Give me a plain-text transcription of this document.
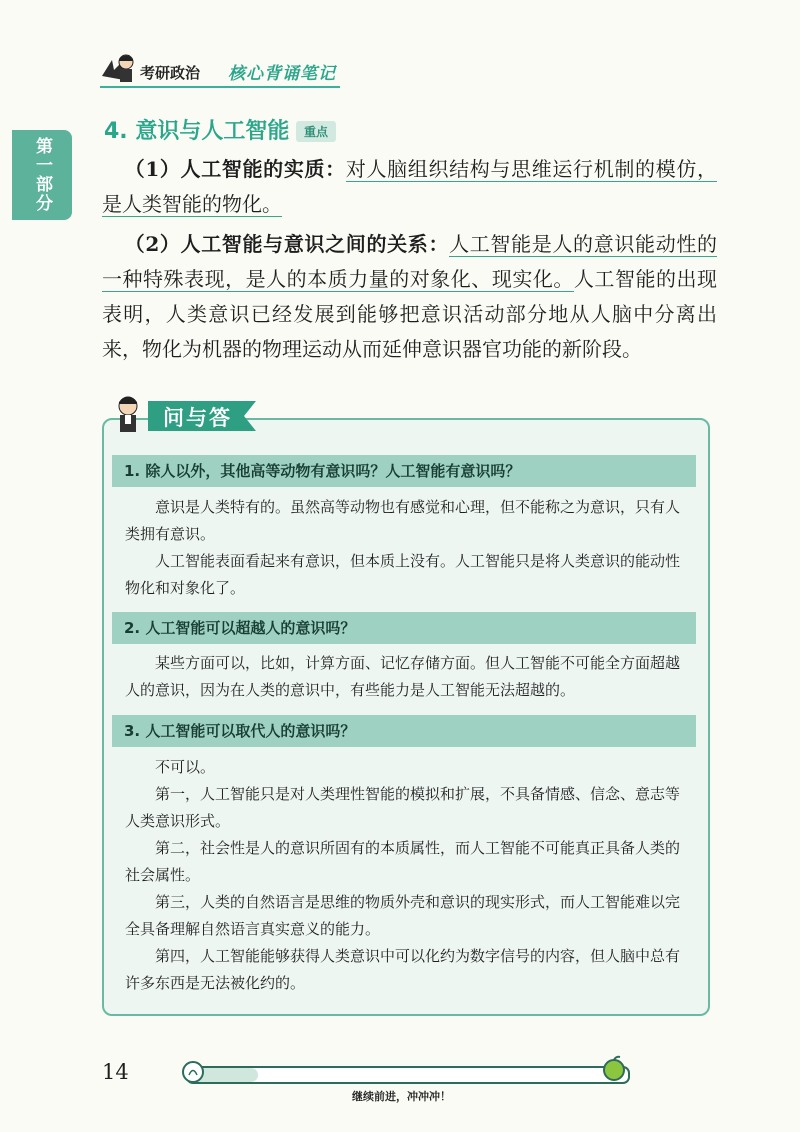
考研政治 核心背诵笔记
第一部分
4. 意识与人工智能	重点
（1）人工智能的实质：对人脑组织结构与思维运行机制的模仿，是人类智能的物化。
（2）人工智能与意识之间的关系：人工智能是人的意识能动性的一种特殊表现，是人的本质力量的对象化、现实化。人工智能的出现表明，人类意识已经发展到能够把意识活动部分地从人脑中分离出来，物化为机器的物理运动从而延伸意识器官功能的新阶段。
问与答
1. 除人以外，其他高等动物有意识吗？人工智能有意识吗？

意识是人类特有的。虽然高等动物也有感觉和心理，但不能称之为意识，只有人类拥有意识。

人工智能表面看起来有意识，但本质上没有。人工智能只是将人类意识的能动性物化和对象化了。

2. 人工智能可以超越人的意识吗？

某些方面可以，比如，计算方面、记忆存储方面。但人工智能不可能全方面超越人的意识，因为在人类的意识中，有些能力是人工智能无法超越的。

3. 人工智能可以取代人的意识吗？

不可以。

第一，人工智能只是对人类理性智能的模拟和扩展，不具备情感、信念、意志等人类意识形式。

第二，社会性是人的意识所固有的本质属性，而人工智能不可能真正具备人类的社会属性。

第三，人类的自然语言是思维的物质外壳和意识的现实形式，而人工智能难以完全具备理解自然语言真实意义的能力。

第四，人工智能能够获得人类意识中可以化约为数字信号的内容，但人脑中总有许多东西是无法被化约的。

14
继续前进，冲冲冲！
